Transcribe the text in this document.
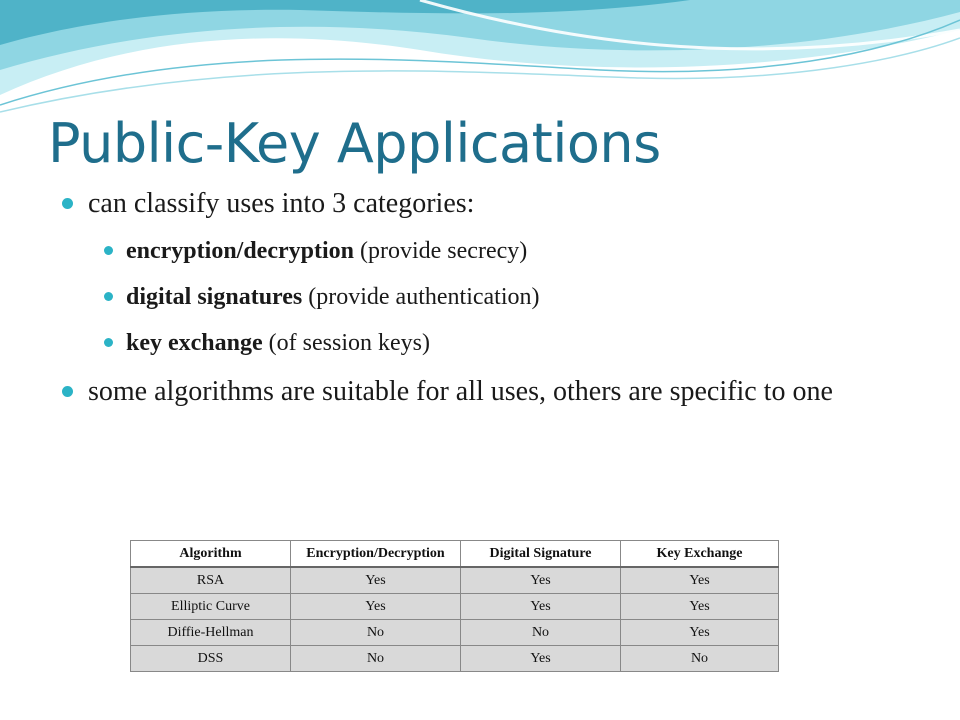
Public-Key Applications
can classify uses into 3 categories:
encryption/decryption (provide secrecy)
digital signatures (provide authentication)
key exchange (of session keys)
some algorithms are suitable for all uses, others are specific to one
Algorithm	Encryption/Decryption	Digital Signature	Key Exchange
RSA	Yes	Yes	Yes
Elliptic Curve	Yes	Yes	Yes
Diffie-Hellman	No	No	Yes
DSS	No	Yes	No
